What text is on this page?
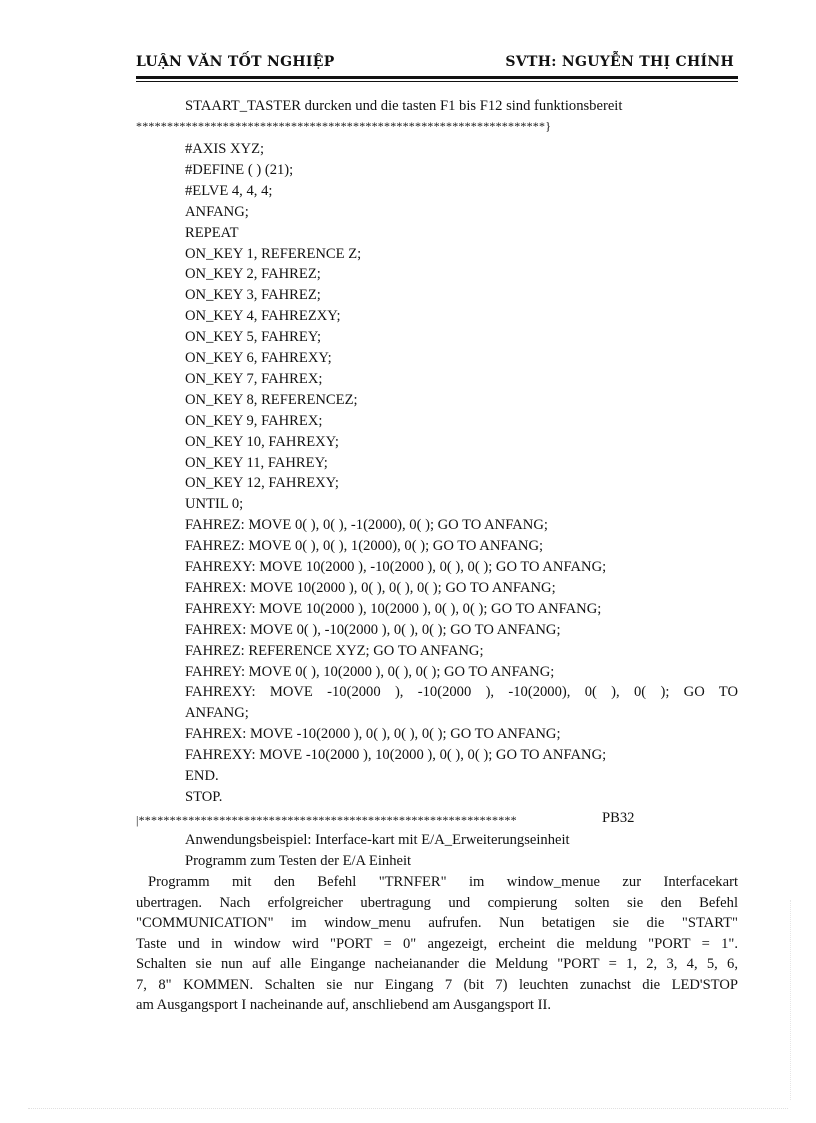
LUẬN VĂN TỐT NGHIỆP	SVTH: NGUYỄN THỊ CHÍNH
STAART_TASTER durcken und die tasten F1 bis F12 sind funktionsbereit
******************************************************************}
#AXIS XYZ;
#DEFINE ( ) (21);
#ELVE 4, 4, 4;
ANFANG;
REPEAT
ON_KEY 1, REFERENCE Z;
ON_KEY 2, FAHREZ;
ON_KEY 3, FAHREZ;
ON_KEY 4, FAHREZXY;
ON_KEY 5, FAHREY;
ON_KEY 6, FAHREXY;
ON_KEY 7, FAHREX;
ON_KEY 8, REFERENCEZ;
ON_KEY 9, FAHREX;
ON_KEY 10, FAHREXY;
ON_KEY 11, FAHREY;
ON_KEY 12, FAHREXY;
UNTIL 0;
FAHREZ: MOVE 0( ), 0( ), -1(2000), 0( ); GO TO ANFANG;
FAHREZ: MOVE 0( ), 0( ), 1(2000), 0( ); GO TO ANFANG;
FAHREXY: MOVE 10(2000 ), -10(2000 ), 0( ), 0( ); GO TO ANFANG;
FAHREX: MOVE 10(2000 ), 0( ), 0( ), 0( ); GO TO ANFANG;
FAHREXY: MOVE 10(2000 ), 10(2000 ), 0( ), 0( ); GO TO ANFANG;
FAHREX: MOVE 0( ), -10(2000 ), 0( ), 0( ); GO TO ANFANG;
FAHREZ: REFERENCE XYZ; GO TO ANFANG;
FAHREY: MOVE 0( ), 10(2000 ), 0( ), 0( ); GO TO ANFANG;
FAHREXY: MOVE -10(2000 ), -10(2000 ), -10(2000), 0( ), 0( ); GO TO
ANFANG;
FAHREX: MOVE -10(2000 ), 0( ), 0( ), 0( ); GO TO ANFANG;
FAHREXY: MOVE -10(2000 ), 10(2000 ), 0( ), 0( ); GO TO ANFANG;
END.
STOP.
|*************************************************************	PB32
Anwendungsbeispiel: Interface-kart mit E/A_Erweiterungseinheit
Programm zum Testen der E/A Einheit
Programm mit den Befehl "TRNFER" im window_menue zur Interfacekart
ubertragen. Nach erfolgreicher ubertragung und compierung solten sie den Befehl
"COMMUNICATION" im window_menu aufrufen. Nun betatigen sie die "START"
Taste und in window wird "PORT = 0" angezeigt, ercheint die meldung "PORT = 1".
Schalten sie nun auf alle Eingange nacheianander die Meldung "PORT = 1, 2, 3, 4, 5, 6,
7, 8" KOMMEN. Schalten sie nur Eingang 7 (bit 7) leuchten zunachst die LED'STOP
am Ausgangsport I nacheinande auf, anschliebend am Ausgangsport II.
